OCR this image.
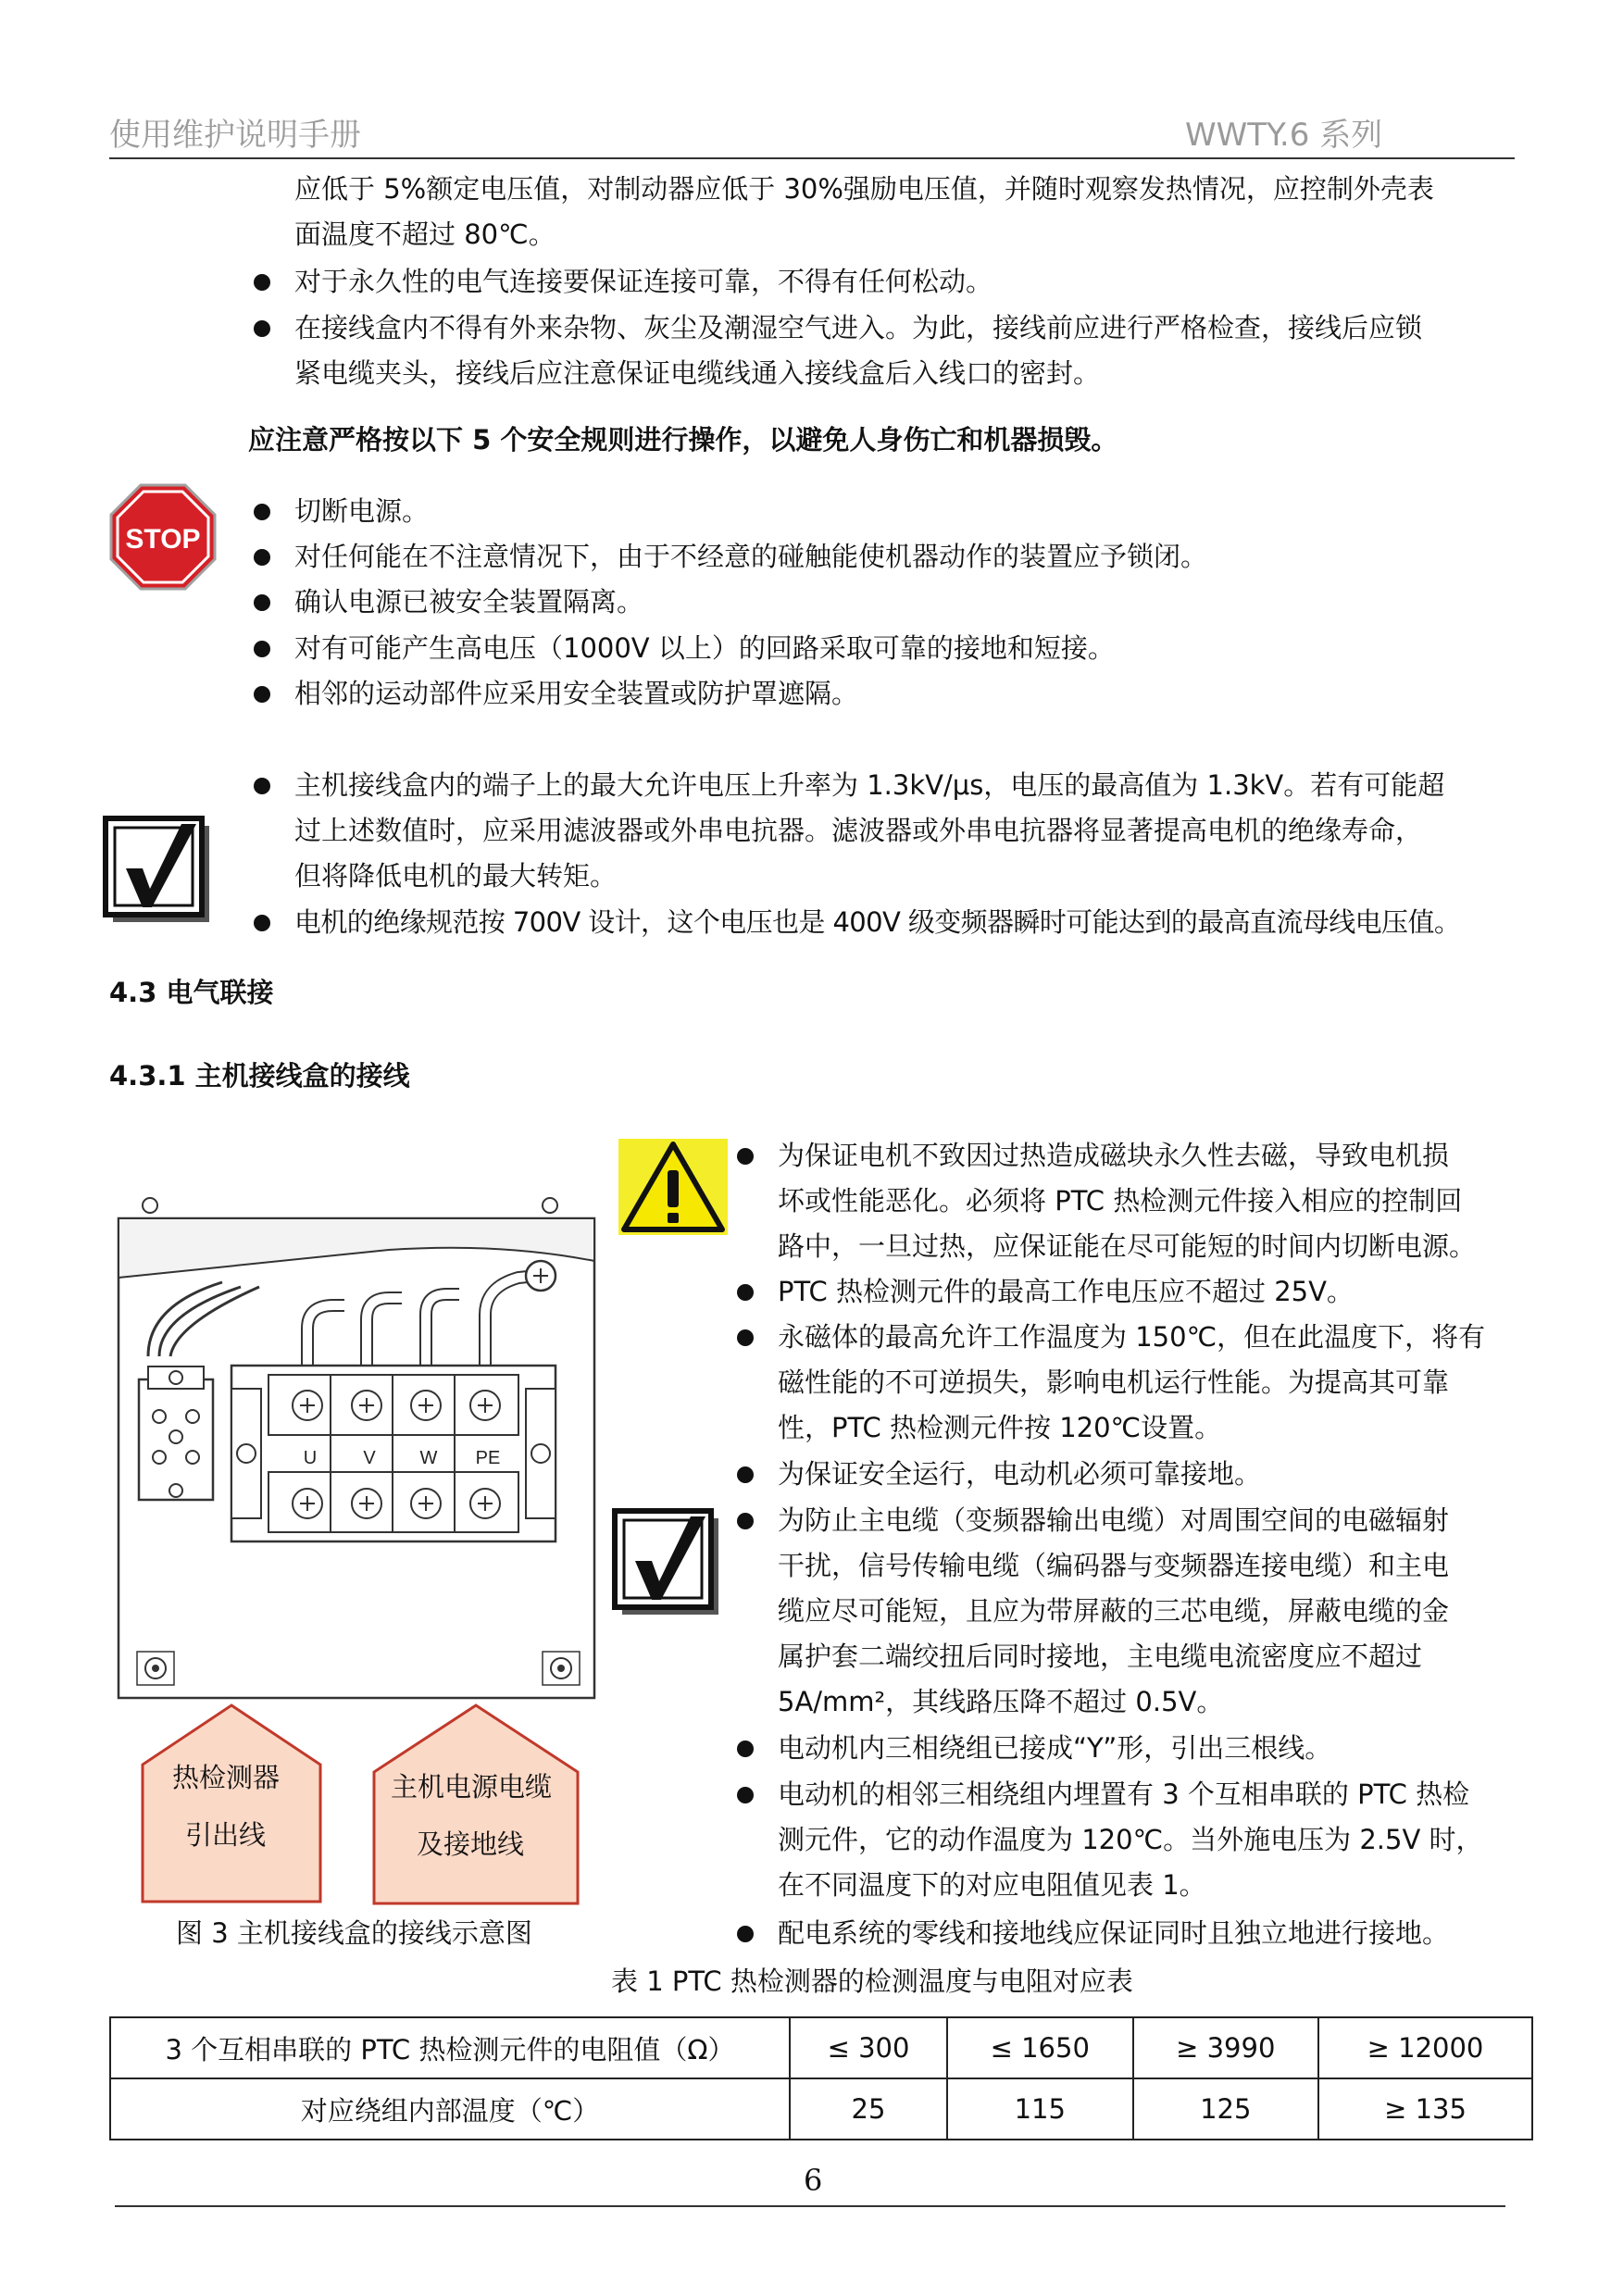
使用维护说明手册	WWTY.6 系列
应低于 5%额定电压值，对制动器应低于 30%强励电压值，并随时观察发热情况，应控制外壳表
面温度不超过 80℃。
对于永久性的电气连接要保证连接可靠，不得有任何松动。
在接线盒内不得有外来杂物、灰尘及潮湿空气进入。为此，接线前应进行严格检查，接线后应锁
紧电缆夹头，接线后应注意保证电缆线通入接线盒后入线口的密封。
应注意严格按以下 5 个安全规则进行操作，以避免人身伤亡和机器损毁。
STOP
切断电源。
对任何能在不注意情况下，由于不经意的碰触能使机器动作的装置应予锁闭。
确认电源已被安全装置隔离。
对有可能产生高电压（1000V 以上）的回路采取可靠的接地和短接。
相邻的运动部件应采用安全装置或防护罩遮隔。
主机接线盒内的端子上的最大允许电压上升率为 1.3kV/μs，电压的最高值为 1.3kV。若有可能超
过上述数值时，应采用滤波器或外串电抗器。滤波器或外串电抗器将显著提高电机的绝缘寿命，
但将降低电机的最大转矩。
电机的绝缘规范按 700V 设计，这个电压也是 400V 级变频器瞬时可能达到的最高直流母线电压值。
4.3 电气联接
4.3.1 主机接线盒的接线
U	V W PE
热检测器
引出线
主机电源电缆
及接地线
图 3 主机接线盒的接线示意图
为保证电机不致因过热造成磁块永久性去磁，导致电机损
坏或性能恶化。必须将 PTC 热检测元件接入相应的控制回
路中，一旦过热，应保证能在尽可能短的时间内切断电源。
PTC 热检测元件的最高工作电压应不超过 25V。
永磁体的最高允许工作温度为 150℃，但在此温度下，将有
磁性能的不可逆损失，影响电机运行性能。为提高其可靠
性，PTC 热检测元件按 120℃设置。
为保证安全运行，电动机必须可靠接地。
为防止主电缆（变频器输出电缆）对周围空间的电磁辐射
干扰，信号传输电缆（编码器与变频器连接电缆）和主电
缆应尽可能短，且应为带屏蔽的三芯电缆，屏蔽电缆的金
属护套二端绞扭后同时接地，主电缆电流密度应不超过
5A/mm²，其线路压降不超过 0.5V。
电动机内三相绕组已接成“Y”形，引出三根线。
电动机的相邻三相绕组内埋置有 3 个互相串联的 PTC 热检
测元件，它的动作温度为 120℃。当外施电压为 2.5V 时，
在不同温度下的对应电阻值见表 1。
配电系统的零线和接地线应保证同时且独立地进行接地。
表 1 PTC 热检测器的检测温度与电阻对应表
3 个互相串联的 PTC 热检测元件的电阻值（Ω）	≤ 300	≤ 1650	≥ 3990	≥ 12000
对应绕组内部温度（℃）	25	115	125	≥ 135
6
